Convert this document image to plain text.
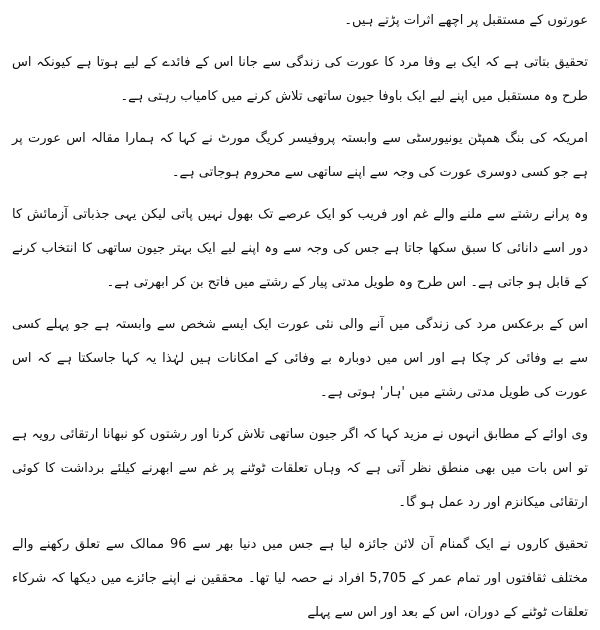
عورتوں کے مستقبل پر اچھے اثرات پڑتے ہیں۔

تحقیق بتاتی ہے کہ ایک بے وفا مرد کا عورت کی زندگی سے جانا اس کے فائدے کے لیے ہوتا ہے کیونکہ اس طرح وہ مستقبل میں اپنے لیے ایک باوفا جیون ساتھی تلاش کرنے میں کامیاب رہتی ہے۔

امریکہ کی بنگ ھمپٹن یونیورسٹی سے وابستہ پروفیسر کریگ مورٹ نے کہا کہ ہمارا مقالہ اس عورت پر ہے جو کسی دوسری عورت کی وجہ سے اپنے ساتھی سے محروم ہوجاتی ہے۔

وہ پرانے رشتے سے ملنے والے غم اور فریب کو ایک عرصے تک بھول نہیں پاتی لیکن یہی جذباتی آزمائش کا دور اسے دانائی کا سبق سکھا جاتا ہے جس کی وجہ سے وہ اپنے لیے ایک بہتر جیون ساتھی کا انتخاب کرنے کے قابل ہو جاتی ہے۔ اس طرح وہ طویل مدتی پیار کے رشتے میں فاتح بن کر ابھرتی ہے۔

اس کے برعکس مرد کی زندگی میں آنے والی نئی عورت ایک ایسے شخص سے وابستہ ہے جو پہلے کسی سے بے وفائی کر چکا ہے اور اس میں دوبارہ بے وفائی کے امکانات ہیں لہٰذا یہ کہا جاسکتا ہے کہ اس عورت کی طویل مدتی رشتے میں 'ہار' ہوتی ہے۔

وی اوائے کے مطابق انہوں نے مزید کہا کہ اگر جیون ساتھی تلاش کرنا اور رشتوں کو نبھانا ارتقائی رویہ ہے تو اس بات میں بھی منطق نظر آتی ہے کہ وہاں تعلقات ٹوٹنے پر غم سے ابھرنے کیلئے برداشت کا کوئی ارتقائی میکانزم اور رد عمل ہو گا۔

تحقیق کاروں نے ایک گمنام آن لائن جائزہ لیا ہے جس میں دنیا بھر سے 96 ممالک سے تعلق رکھنے والے مختلف ثقافتوں اور تمام عمر کے 5,705 افراد نے حصہ لیا تھا۔ محققین نے اپنے جائزے میں دیکھا کہ شرکاء تعلقات ٹوٹنے کے دوران، اس کے بعد اور اس سے پہلے
